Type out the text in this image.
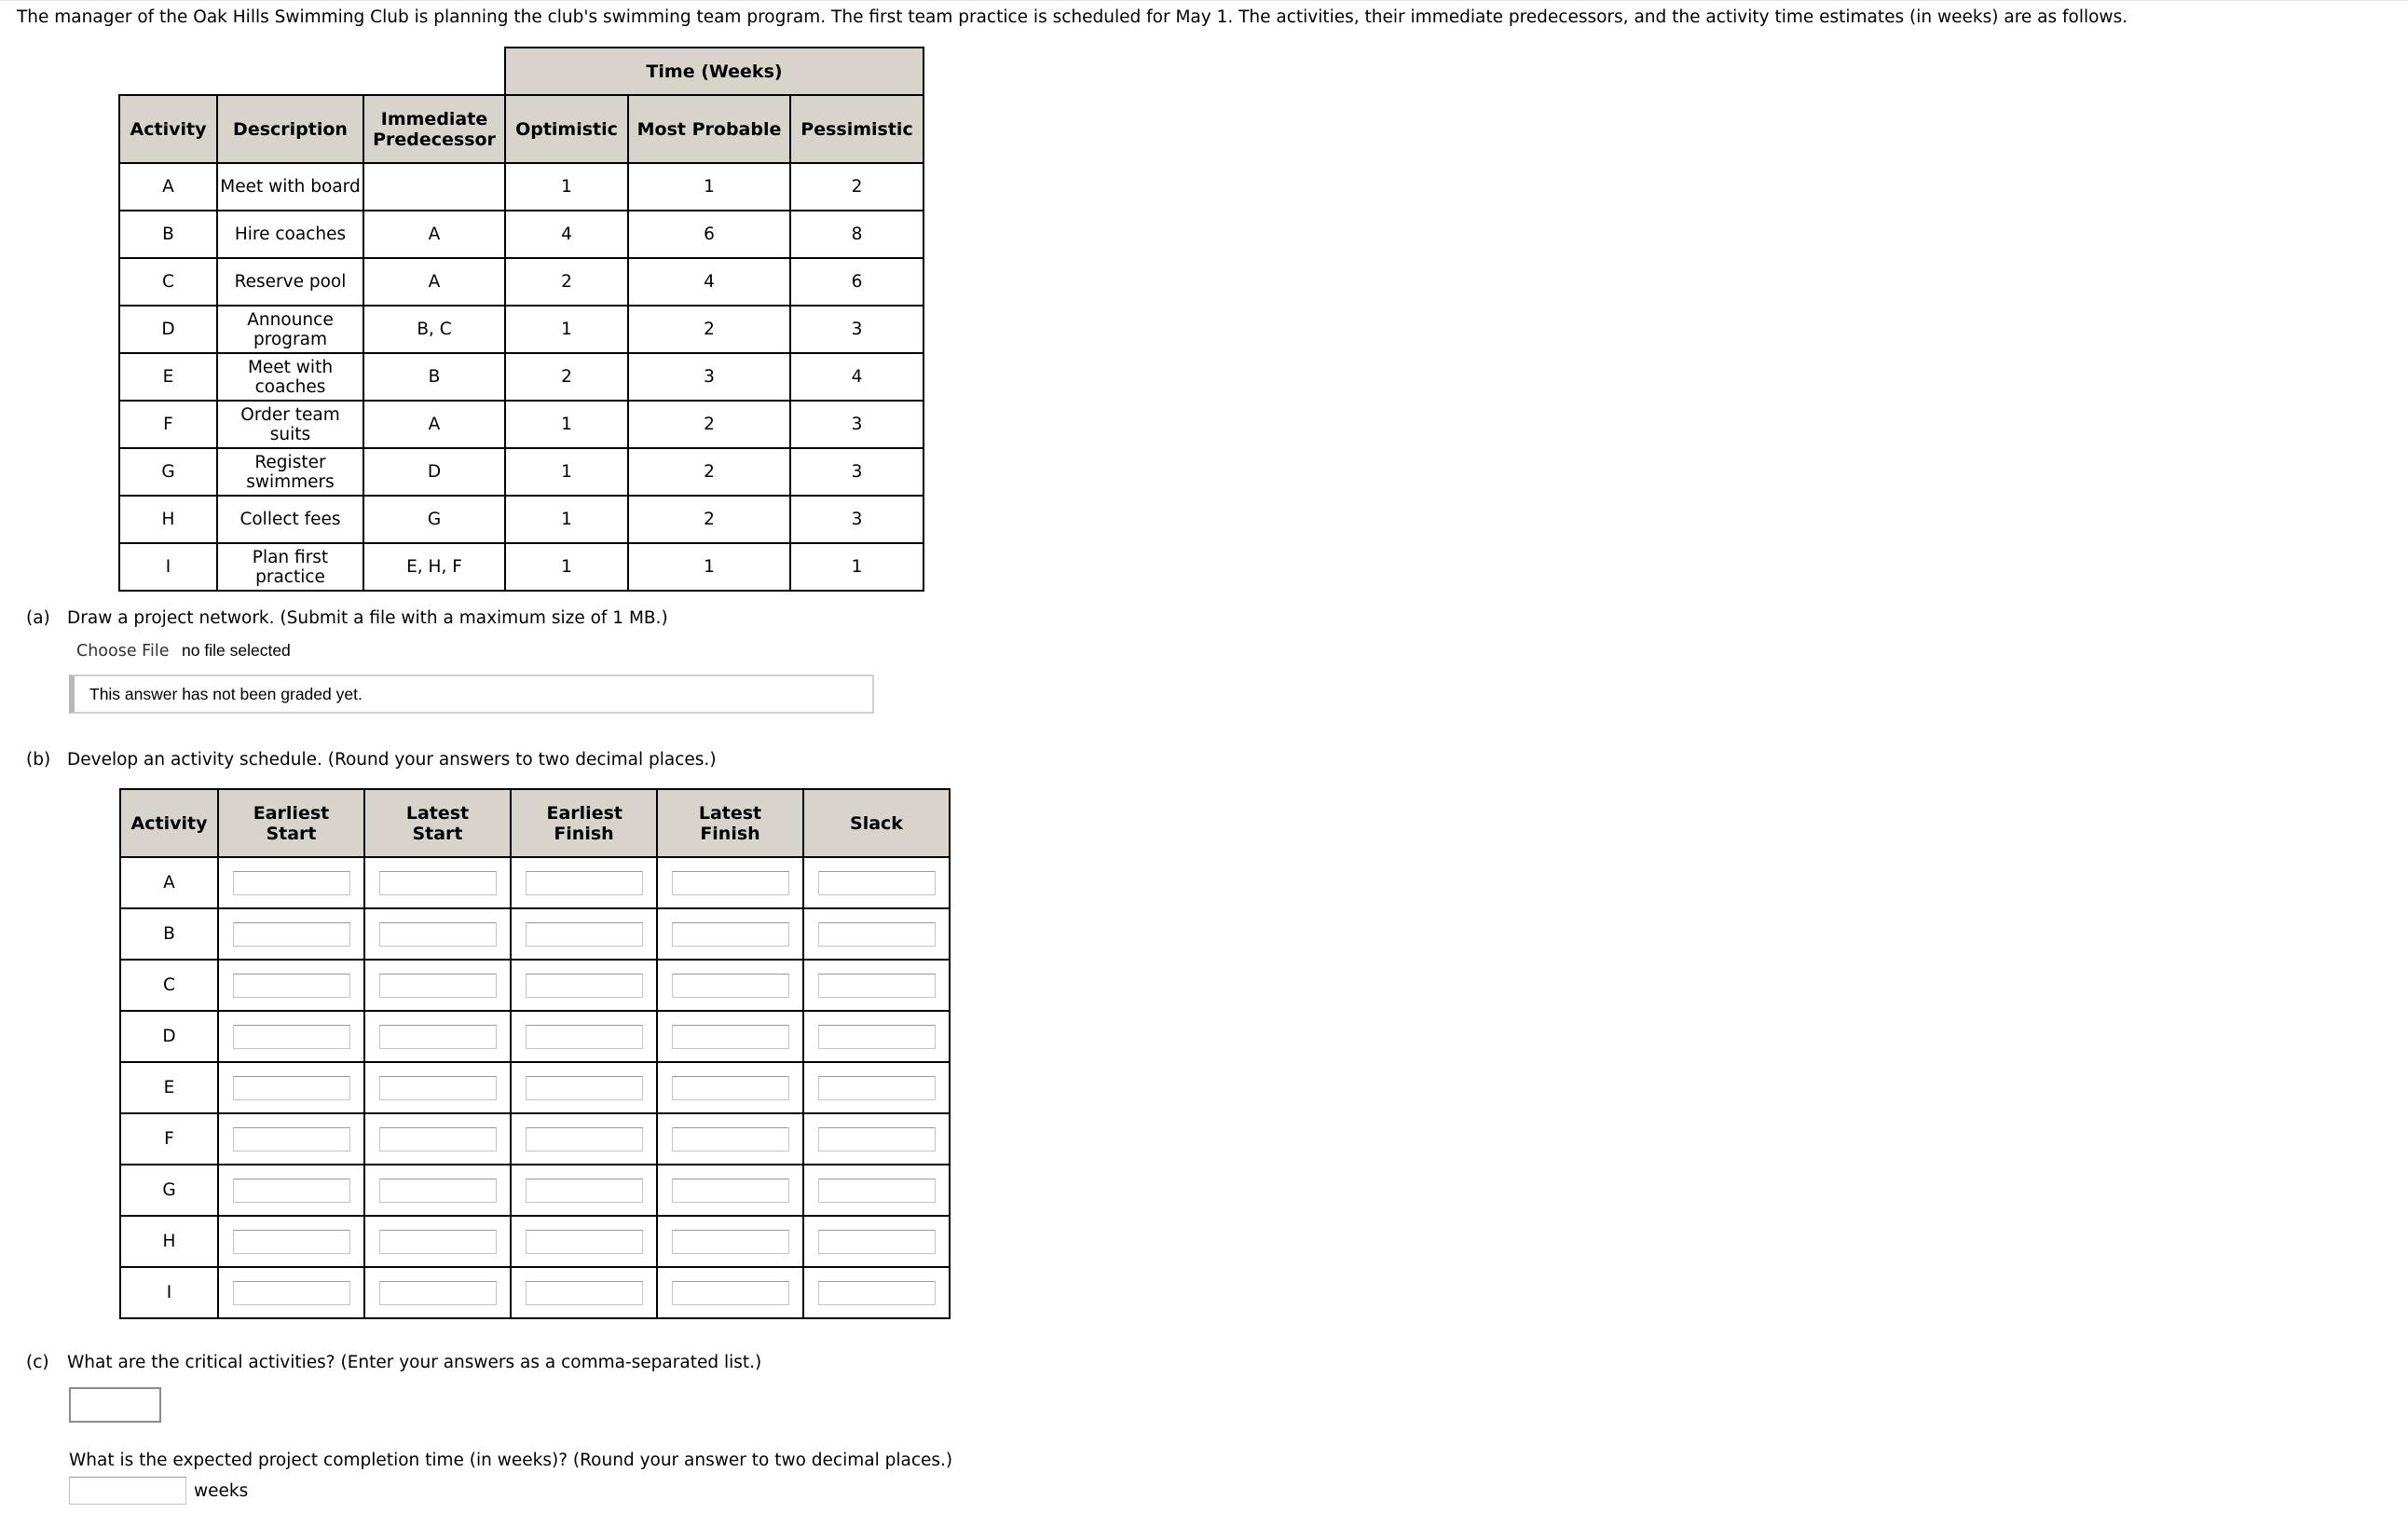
The manager of the Oak Hills Swimming Club is planning the club's swimming team program. The first team practice is scheduled for May 1. The activities, their immediate predecessors, and the activity time estimates (in weeks) are as follows.
			Time (Weeks)		
Activity	Description	Immediate Predecessor	Optimistic	Most Probable	Pessimistic
A	Meet with board		1	1	2
B	Hire coaches	A	4	6	8
C	Reserve pool	A	2	4	6
D	Announce program	B, C	1	2	3
E	Meet with coaches	B	2	3	4
F	Order team suits	A	1	2	3
G	Register swimmers	D	1	2	3
H	Collect fees	G	1	2	3
I	Plan first practice	E, H, F	1	1	1
(a) Draw a project network. (Submit a file with a maximum size of 1 MB.)
Choose File no file selected
This answer has not been graded yet.
(b) Develop an activity schedule. (Round your answers to two decimal places.)
Activity	Earliest Start	Latest Start	Earliest Finish	Latest Finish	Slack
A	

B	

C	

D	

E	

F	

G	

H	

I	

(c) What are the critical activities? (Enter your answers as a comma-separated list.)
What is the expected project completion time (in weeks)? (Round your answer to two decimal places.)
weeks
